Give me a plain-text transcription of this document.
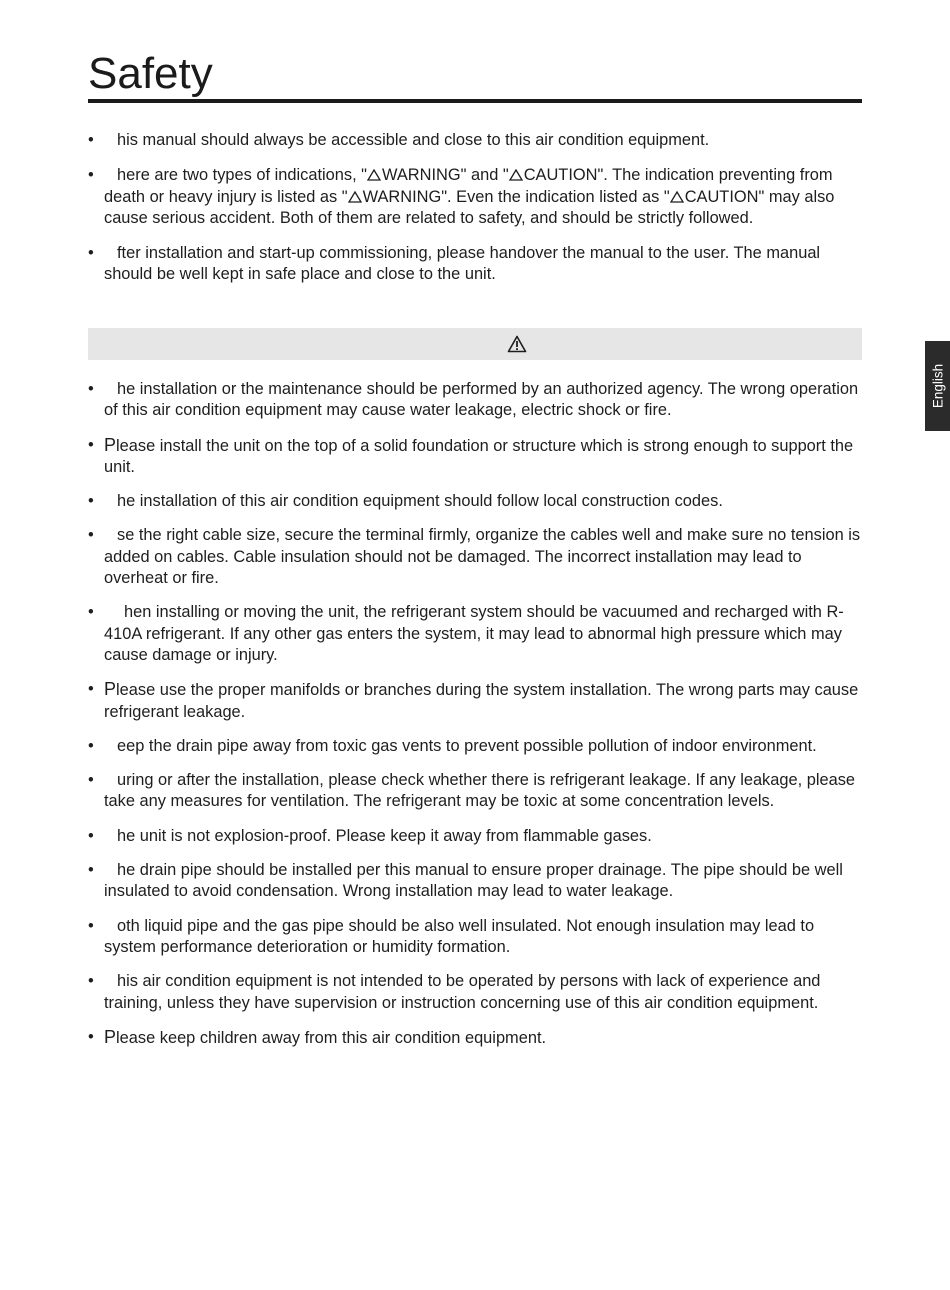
Safety
•	his manual should always be accessible and close to this air condition equipment.
•	here are two types of indications, " WARNING" and " CAUTION". The indication preventing from death or heavy injury is listed as " WARNING". Even the indication listed as " CAUTION" may also cause serious accident. Both of them are related to safety, and should be strictly followed.
•	fter installation and start-up commissioning, please handover the manual to the user. The manual should be well kept in safe place and close to the unit.
•	he installation or the maintenance should be performed by an authorized agency. The wrong operation of this air condition equipment may cause water leakage, electric shock or fire.
• Please install the unit on the top of a solid foundation or structure which is strong enough to support the unit.
•	he installation of this air condition equipment should follow local construction codes.
•	se the right cable size, secure the terminal firmly, organize the cables well and make sure no tension is added on cables. Cable insulation should not be damaged. The incorrect installation may lead to overheat or fire.
•	hen installing or moving the unit, the refrigerant system should be vacuumed and recharged with R-410A refrigerant. If any other gas enters the system, it may lead to abnormal high pressure which may cause damage or injury.
• Please use the proper manifolds or branches during the system installation. The wrong parts may cause refrigerant leakage.
•	eep the drain pipe away from toxic gas vents to prevent possible pollution of indoor environment.
•	uring or after the installation, please check whether there is refrigerant leakage. If any leakage, please take any measures for ventilation. The refrigerant may be toxic at some concentration levels.
•	he unit is not explosion-proof. Please keep it away from flammable gases.
•	he drain pipe should be installed per this manual to ensure proper drainage. The pipe should be well insulated to avoid condensation. Wrong installation may lead to water leakage.
•	oth liquid pipe and the gas pipe should be also well insulated. Not enough insulation may lead to system performance deterioration or humidity formation.
•	his air condition equipment is not intended to be operated by persons with lack of experience and training, unless they have supervision or instruction concerning use of this air condition equipment.
• Please keep children away from this air condition equipment.
English
